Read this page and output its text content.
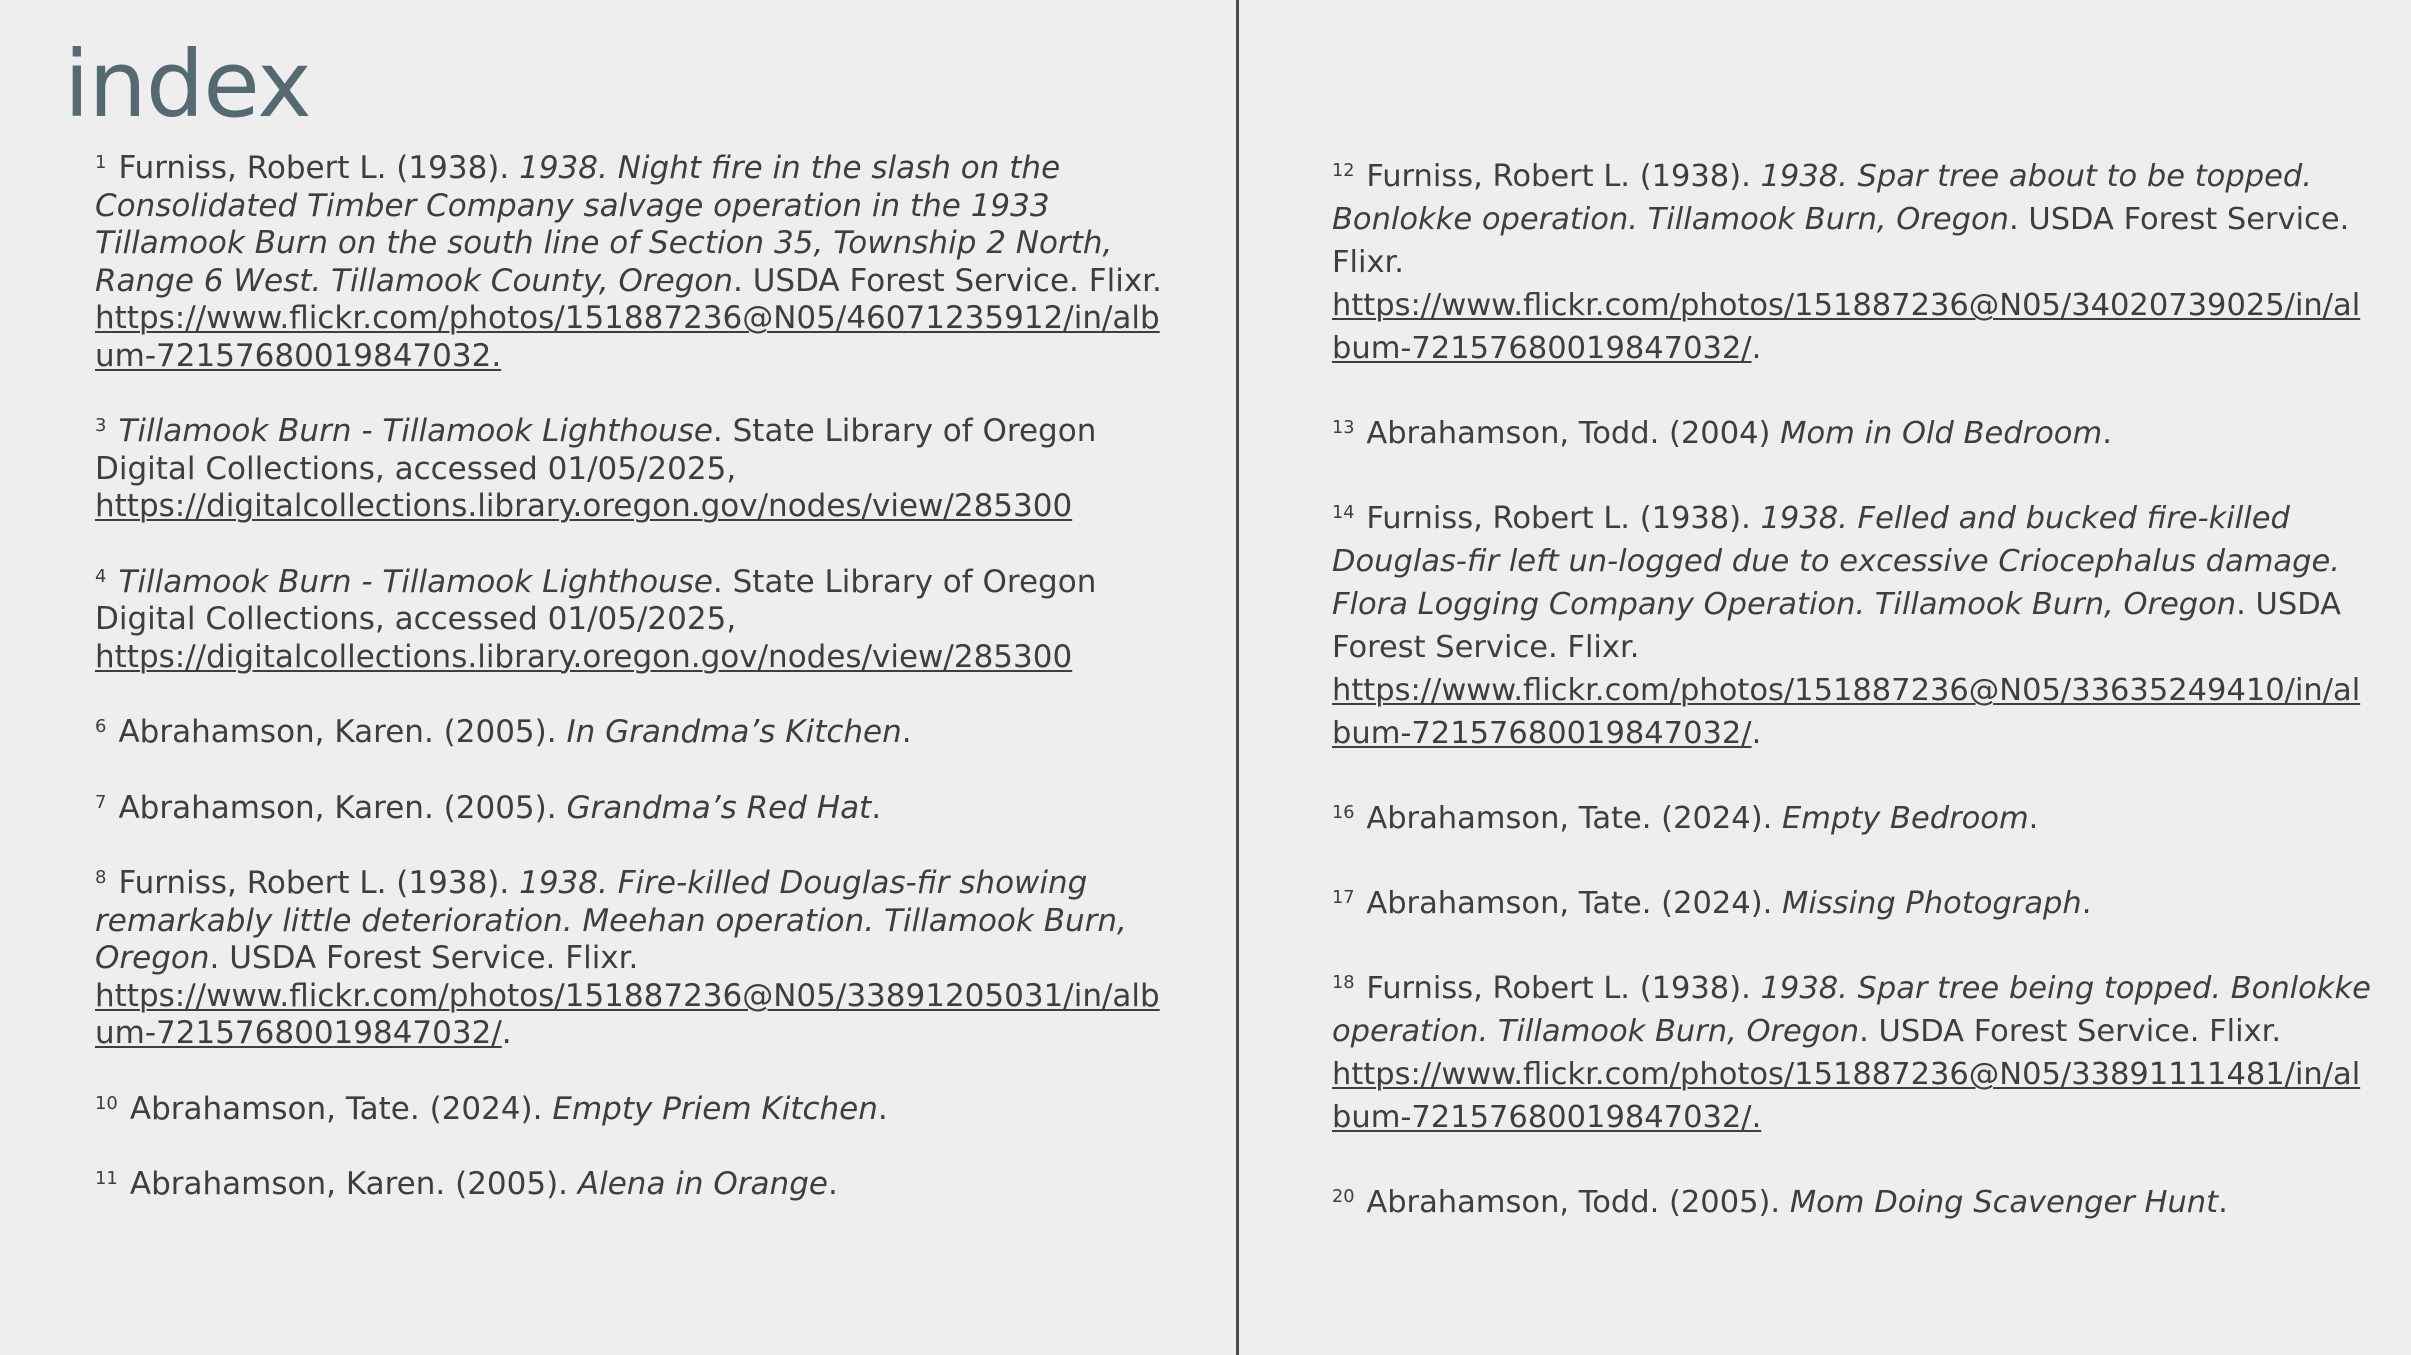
index

$^1$ Furniss, Robert L. (1938). 1938. Night fire in the slash on the Consolidated Timber Company salvage operation in the 1933 Tillamook Burn on the south line of Section 35, Township 2 North, Range 6 West. Tillamook County, Oregon. USDA Forest Service. Flixr.
https://www.flickr.com/photos/151887236@N05/46071235912/in/album-72157680019847032.

$^3$ Tillamook Burn - Tillamook Lighthouse. State Library of Oregon Digital Collections, accessed 01/05/2025,
https://digitalcollections.library.oregon.gov/nodes/view/285300

$^4$ Tillamook Burn - Tillamook Lighthouse. State Library of Oregon Digital Collections, accessed 01/05/2025,
https://digitalcollections.library.oregon.gov/nodes/view/285300

$^6$ Abrahamson, Karen. (2005). In Grandma’s Kitchen.

$^7$ Abrahamson, Karen. (2005). Grandma’s Red Hat.

$^8$ Furniss, Robert L. (1938). 1938. Fire-killed Douglas-fir showing remarkably little deterioration. Meehan operation. Tillamook Burn, Oregon. USDA Forest Service. Flixr.
https://www.flickr.com/photos/151887236@N05/33891205031/in/album-72157680019847032/.

$^{10}$ Abrahamson, Tate. (2024). Empty Priem Kitchen.

$^{11}$ Abrahamson, Karen. (2005). Alena in Orange.

$^{12}$ Furniss, Robert L. (1938). 1938. Spar tree about to be topped. Bonlokke operation. Tillamook Burn, Oregon. USDA Forest Service. Flixr.
https://www.flickr.com/photos/151887236@N05/34020739025/in/album-72157680019847032/.

$^{13}$ Abrahamson, Todd. (2004) Mom in Old Bedroom.

$^{14}$ Furniss, Robert L. (1938). 1938. Felled and bucked fire-killed Douglas-fir left un-logged due to excessive Criocephalus damage. Flora Logging Company Operation. Tillamook Burn, Oregon. USDA Forest Service. Flixr.
https://www.flickr.com/photos/151887236@N05/33635249410/in/album-72157680019847032/.

$^{16}$ Abrahamson, Tate. (2024). Empty Bedroom.

$^{17}$ Abrahamson, Tate. (2024). Missing Photograph.

$^{18}$ Furniss, Robert L. (1938). 1938. Spar tree being topped. Bonlokke operation. Tillamook Burn, Oregon. USDA Forest Service. Flixr.
https://www.flickr.com/photos/151887236@N05/33891111481/in/album-72157680019847032/.

$^{20}$ Abrahamson, Todd. (2005). Mom Doing Scavenger Hunt.
